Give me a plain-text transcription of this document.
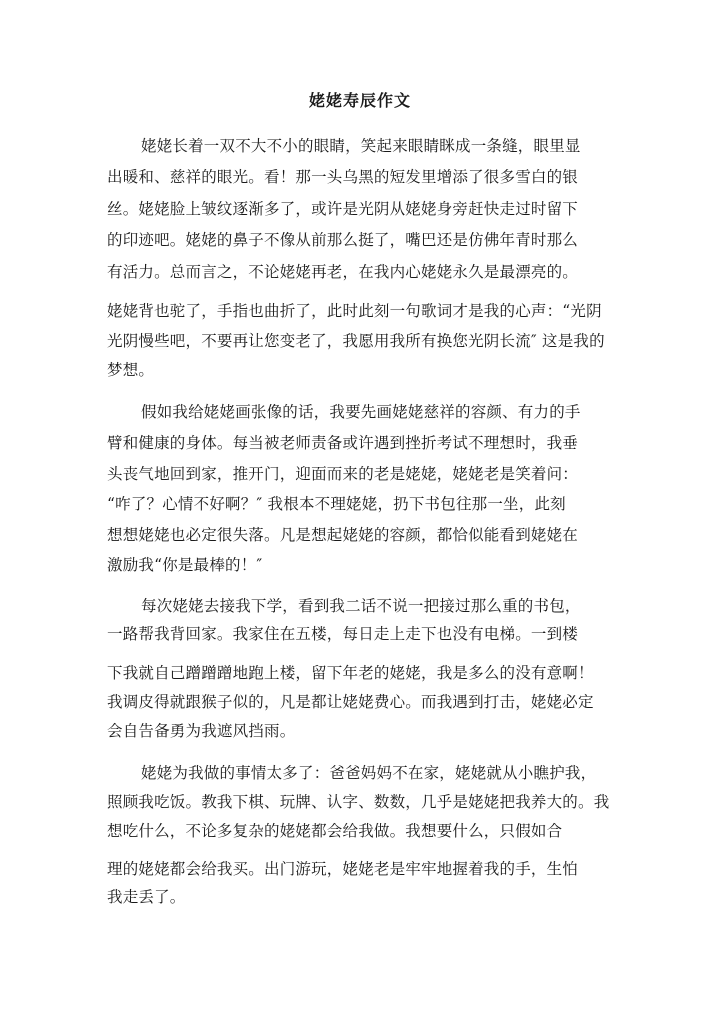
姥姥寿辰作文

姥姥长着一双不大不小的眼睛，笑起来眼睛眯成一条缝，眼里显

出暖和、慈祥的眼光。看！那一头乌黑的短发里增添了很多雪白的银

丝。姥姥脸上皱纹逐渐多了，或许是光阴从姥姥身旁赶快走过时留下

的印迹吧。姥姥的鼻子不像从前那么挺了，嘴巴还是仿佛年青时那么

有活力。总而言之，不论姥姥再老，在我内心姥姥永久是最漂亮的。

姥姥背也驼了，手指也曲折了，此时此刻一句歌词才是我的心声：“光阴

光阴慢些吧，不要再让您变老了，我愿用我所有换您光阴长流″ 这是我的

梦想。

假如我给姥姥画张像的话，我要先画姥姥慈祥的容颜、有力的手

臂和健康的身体。每当被老师责备或许遇到挫折考试不理想时，我垂

头丧气地回到家，推开门，迎面而来的老是姥姥，姥姥老是笑着问：

“咋了？心情不好啊？″ 我根本不理姥姥，扔下书包往那一坐，此刻

想想姥姥也必定很失落。凡是想起姥姥的容颜，都恰似能看到姥姥在

激励我“你是最棒的！″

每次姥姥去接我下学，看到我二话不说一把接过那么重的书包，

一路帮我背回家。我家住在五楼，每日走上走下也没有电梯。一到楼

下我就自己蹭蹭蹭地跑上楼，留下年老的姥姥，我是多么的没有意啊！

我调皮得就跟猴子似的，凡是都让姥姥费心。而我遇到打击，姥姥必定

会自告备勇为我遮风挡雨。

姥姥为我做的事情太多了：爸爸妈妈不在家，姥姥就从小瞧护我，

照顾我吃饭。教我下棋、玩牌、认字、数数，几乎是姥姥把我养大的。我

想吃什么，不论多复杂的姥姥都会给我做。我想要什么，只假如合

理的姥姥都会给我买。出门游玩，姥姥老是牢牢地握着我的手，生怕

我走丢了。
